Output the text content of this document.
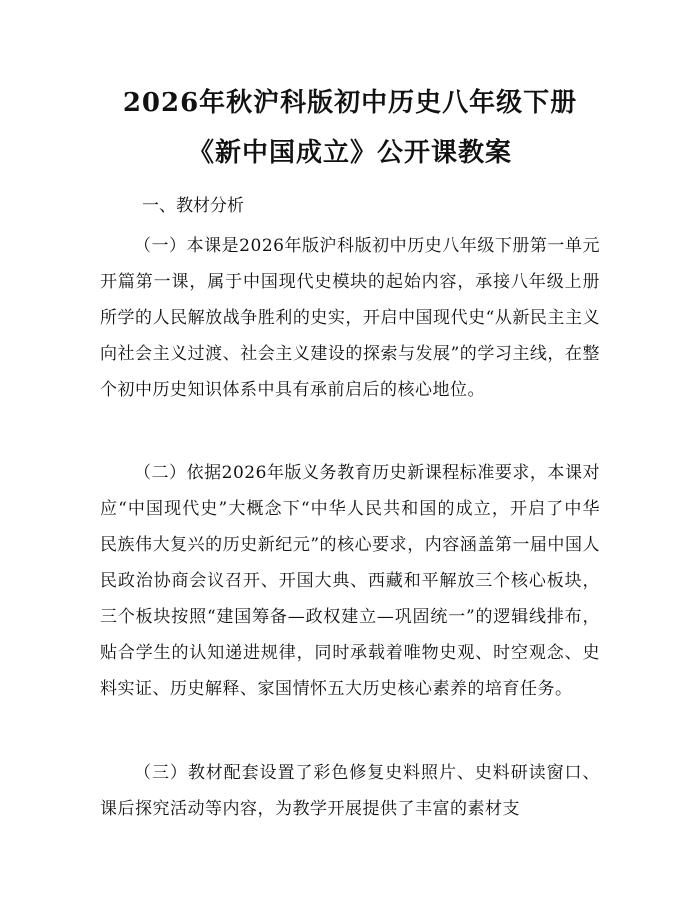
2026年秋沪科版初中历史八年级下册《新中国成立》公开课教案

一、教材分析

（一）本课是2026年版沪科版初中历史八年级下册第一单元开篇第一课，属于中国现代史模块的起始内容，承接八年级上册所学的人民解放战争胜利的史实，开启中国现代史“从新民主主义向社会主义过渡、社会主义建设的探索与发展”的学习主线，在整个初中历史知识体系中具有承前启后的核心地位。

（二）依据2026年版义务教育历史新课程标准要求，本课对应“中国现代史”大概念下“中华人民共和国的成立，开启了中华民族伟大复兴的历史新纪元”的核心要求，内容涵盖第一届中国人民政治协商会议召开、开国大典、西藏和平解放三个核心板块，三个板块按照“建国筹备—政权建立—巩固统一”的逻辑线排布，贴合学生的认知递进规律，同时承载着唯物史观、时空观念、史料实证、历史解释、家国情怀五大历史核心素养的培育任务。

（三）教材配套设置了彩色修复史料照片、史料研读窗口、课后探究活动等内容，为教学开展提供了丰富的素材支
